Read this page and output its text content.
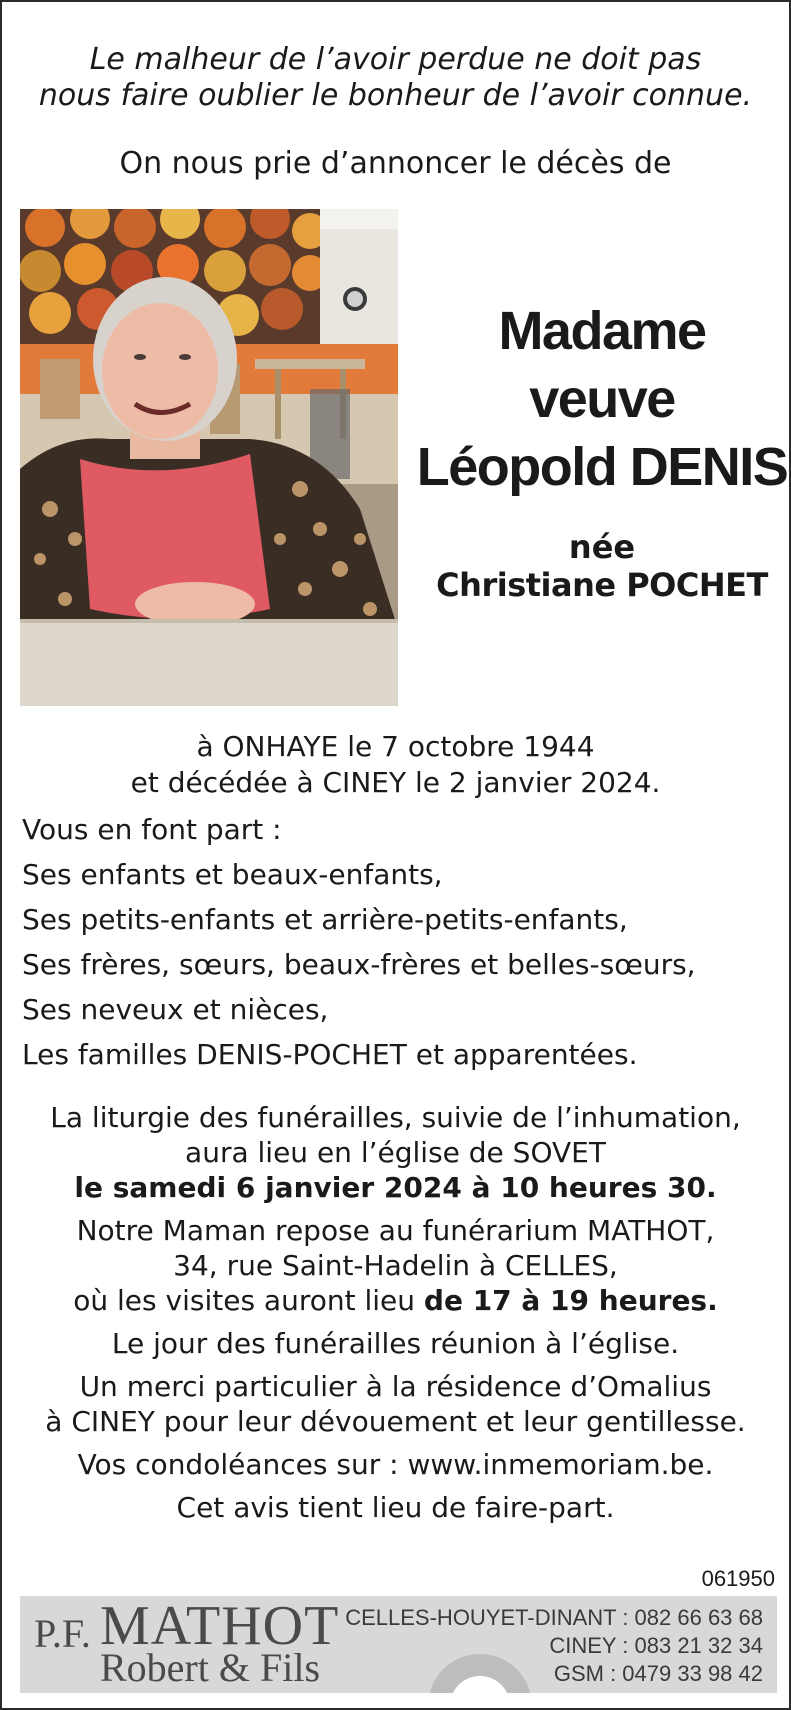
Le malheur de l’avoir perdue ne doit pas
nous faire oublier le bonheur de l’avoir connue.
On nous prie d’annoncer le décès de
Madame
veuve
Léopold DENIS
née
Christiane POCHET
à ONHAYE le 7 octobre 1944
et décédée à CINEY le 2 janvier 2024.
Vous en font part :
Ses enfants et beaux-enfants,
Ses petits-enfants et arrière-petits-enfants,
Ses frères, sœurs, beaux-frères et belles-sœurs,
Ses neveux et nièces,
Les familles DENIS-POCHET et apparentées.
La liturgie des funérailles, suivie de l’inhumation,
aura lieu en l’église de SOVET
le samedi 6 janvier 2024 à 10 heures 30.
Notre Maman repose au funérarium MATHOT,
34, rue Saint-Hadelin à CELLES,
où les visites auront lieu de 17 à 19 heures.
Le jour des funérailles réunion à l’église.
Un merci particulier à la résidence d’Omalius
à CINEY pour leur dévouement et leur gentillesse.
Vos condoléances sur : www.inmemoriam.be.
Cet avis tient lieu de faire-part.
061950
P.F. MATHOT
Robert & Fils
CELLES-HOUYET-DINANT : 082 66 63 68
CINEY : 083 21 32 34
GSM : 0479 33 98 42
